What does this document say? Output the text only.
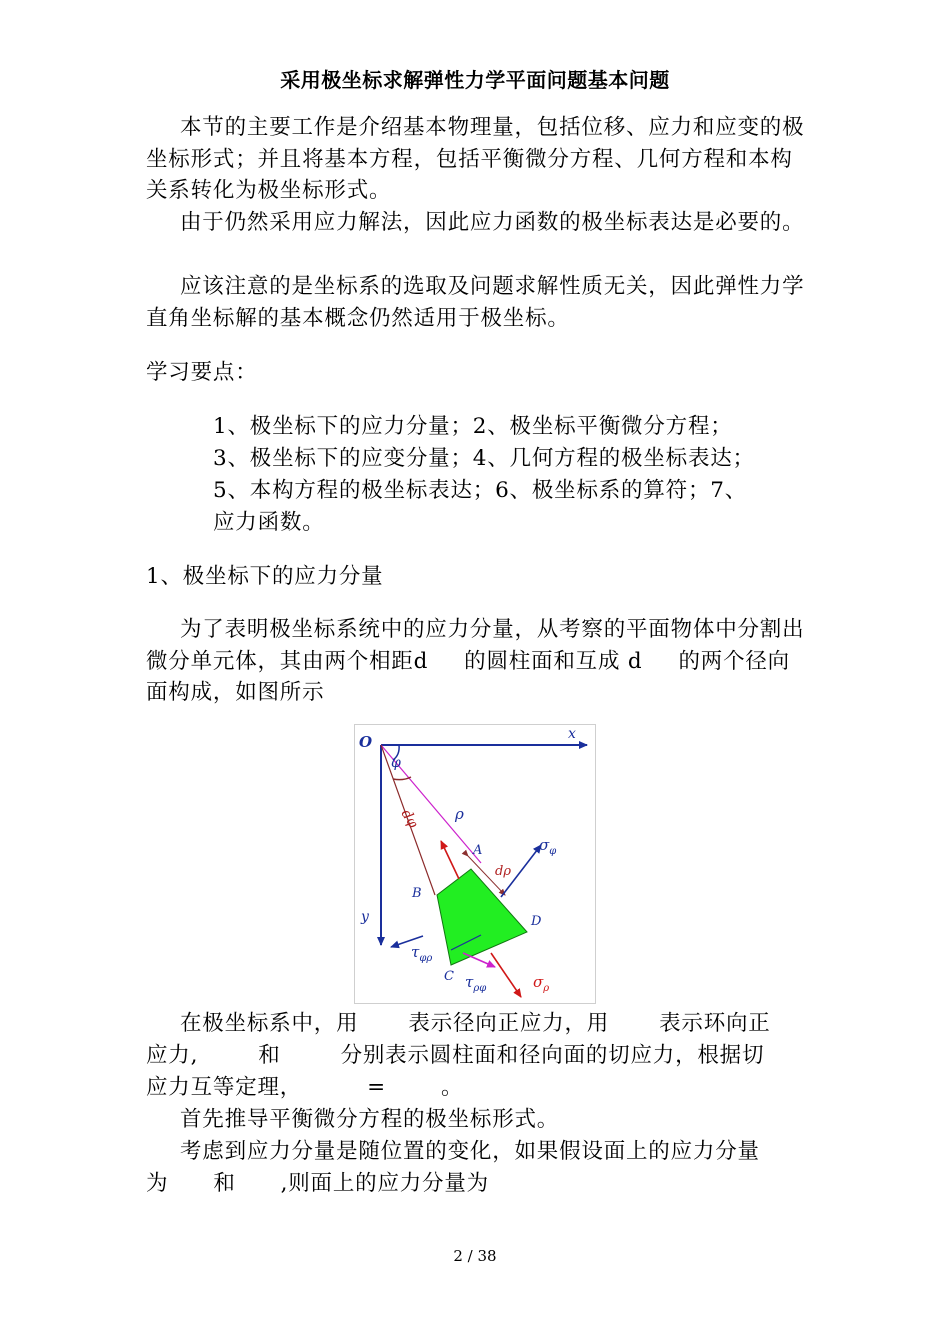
采用极坐标求解弹性力学平面问题基本问题

本节的主要工作是介绍基本物理量，包括位移、应力和应变的极坐标形式；并且将基本方程，包括平衡微分方程、几何方程和本构关系转化为极坐标形式。

由于仍然采用应力解法，因此应力函数的极坐标表达是必要的。

应该注意的是坐标系的选取及问题求解性质无关，因此弹性力学直角坐标解的基本概念仍然适用于极坐标。

学习要点：

1、极坐标下的应力分量；2、极坐标平衡微分方程；3、极坐标下的应变分量；4、几何方程的极坐标表达；5、本构方程的极坐标表达；6、极坐标系的算符；7、应力函数。

1、极坐标下的应力分量

为了表明极坐标系统中的应力分量，从考察的平面物体中分割出微分单元体，其由两个相距d 的圆柱面和互成 d 的两个径向面构成，如图所示

O	x
y
φ
dφ ρ
A
B
C
D
dρ
$\sigma_\varphi$
$\tau_{\varphi\rho}$
$\tau_{\rho\varphi}$	$\sigma_\rho$

在极坐标系中，用 表示径向正应力，用 表示环向正

应力,	和	分别表示圆柱面和径向面的切应力，根据切

应力互等定理，	=	。

首先推导平衡微分方程的极坐标形式。

考虑到应力分量是随位置的变化，如果假设面上的应力分量

为 和 ,则面上的应力分量为

2 / 38
